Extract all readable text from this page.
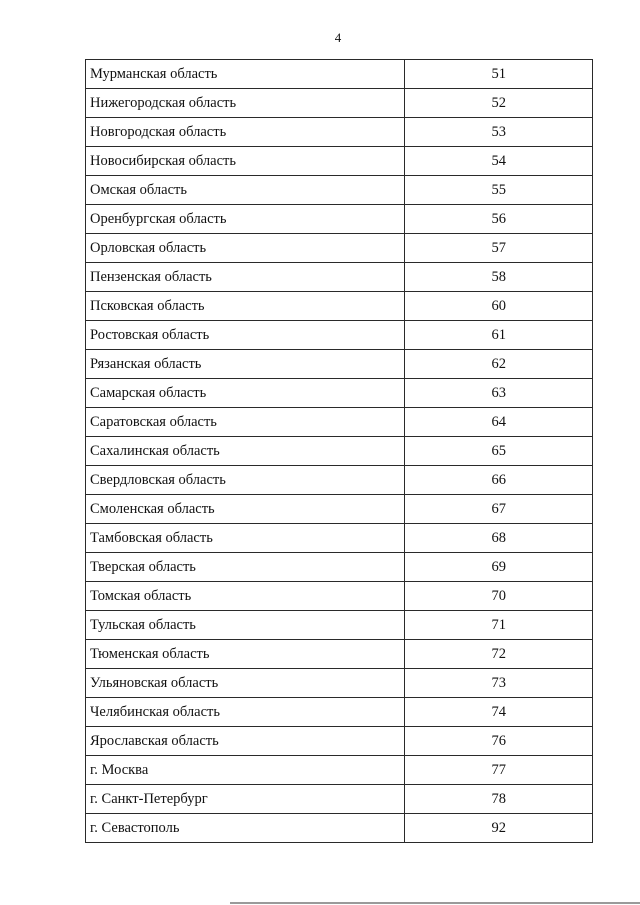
4
Мурманская область	51
Нижегородская область	52
Новгородская область	53
Новосибирская область	54
Омская область	55
Оренбургская область	56
Орловская область	57
Пензенская область	58
Псковская область	60
Ростовская область	61
Рязанская область	62
Самарская область	63
Саратовская область	64
Сахалинская область	65
Свердловская область	66
Смоленская область	67
Тамбовская область	68
Тверская область	69
Томская область	70
Тульская область	71
Тюменская область	72
Ульяновская область	73
Челябинская область	74
Ярославская область	76
г. Москва	77
г. Санкт-Петербург	78
г. Севастополь	92
